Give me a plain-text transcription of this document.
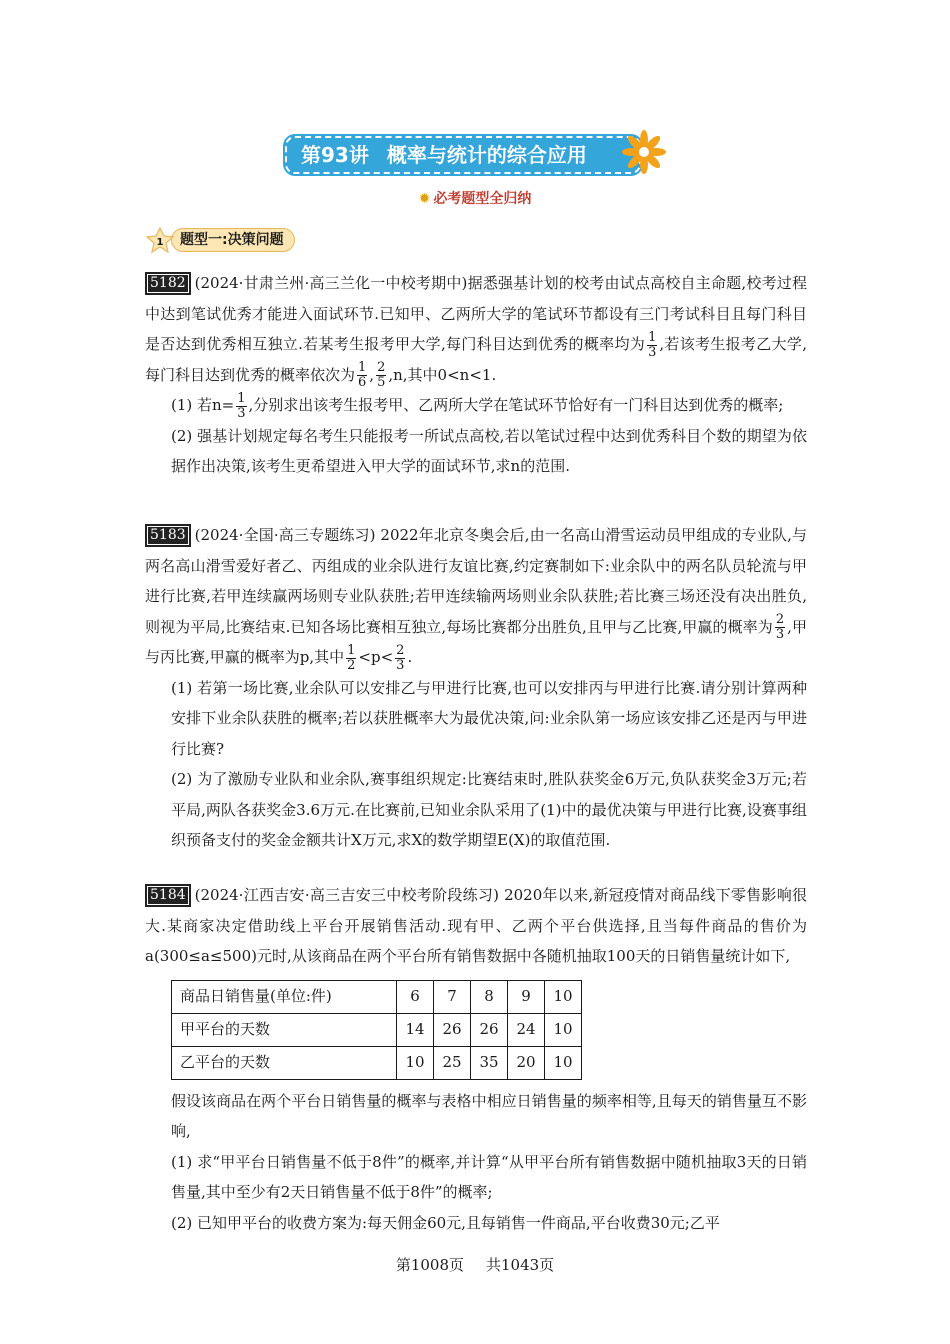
第93讲 概率与统计的综合应用
✹ 必考题型全归纳
1	题型一:决策问题

5182 (2024·甘肃兰州·高三兰化一中校考期中)据悉强基计划的校考由试点高校自主命题,校考过程中达到笔试优秀才能进入面试环节.已知甲、乙两所大学的笔试环节都设有三门考试科目且每门科目是否达到优秀相互独立.若某考生报考甲大学,每门科目达到优秀的概率均为 $\frac{1}{3}$ ,若该考生报考乙大学,每门科目达到优秀的概率依次为 $\frac{1}{6}$ , $\frac{2}{5} ,n$,其中0<n<1.

(1) 若$n= \frac{1}{3}$ ,分别求出该考生报考甲、乙两所大学在笔试环节恰好有一门科目达到优秀的概率;

(2) 强基计划规定每名考生只能报考一所试点高校,若以笔试过程中达到优秀科目个数的期望为依据作出决策,该考生更希望进入甲大学的面试环节,求n的范围.

5183 (2024·全国·高三专题练习) 2022年北京冬奥会后,由一名高山滑雪运动员甲组成的专业队,与两名高山滑雪爱好者乙、丙组成的业余队进行友谊比赛,约定赛制如下:业余队中的两名队员轮流与甲进行比赛,若甲连续赢两场则专业队获胜;若甲连续输两场则业余队获胜;若比赛三场还没有决出胜负,则视为平局,比赛结束.已知各场比赛相互独立,每场比赛都分出胜负,且甲与乙比赛,甲赢的概率为 $\frac{2}{3}$ ,甲与丙比赛,甲赢的概率为p,其中 $\frac{1}{2} <p< \frac{2}{3}$ .

(1) 若第一场比赛,业余队可以安排乙与甲进行比赛,也可以安排丙与甲进行比赛.请分别计算两种安排下业余队获胜的概率;若以获胜概率大为最优决策,问:业余队第一场应该安排乙还是丙与甲进行比赛?

(2) 为了激励专业队和业余队,赛事组织规定:比赛结束时,胜队获奖金6万元,负队获奖金3万元;若平局,两队各获奖金3.6万元.在比赛前,已知业余队采用了(1)中的最优决策与甲进行比赛,设赛事组织预备支付的奖金金额共计X万元,求X的数学期望E(X)的取值范围.

5184 (2024·江西吉安·高三吉安三中校考阶段练习) 2020年以来,新冠疫情对商品线下零售影响很大.某商家决定借助线上平台开展销售活动.现有甲、乙两个平台供选择,且当每件商品的售价为a(300≤a≤500)元时,从该商品在两个平台所有销售数据中各随机抽取100天的日销售量统计如下,

商品日销售量(单位:件)	6	7	8	9	10
甲平台的天数	14	26	26	24	10
乙平台的天数	10	25	35	20	10

假设该商品在两个平台日销售量的概率与表格中相应日销售量的频率相等,且每天的销售量互不影响,

(1) 求“甲平台日销售量不低于8件”的概率,并计算“从甲平台所有销售数据中随机抽取3天的日销售量,其中至少有2天日销售量不低于8件”的概率;

(2) 已知甲平台的收费方案为:每天佣金60元,且每销售一件商品,平台收费30元;乙平

第1008页 共1043页
